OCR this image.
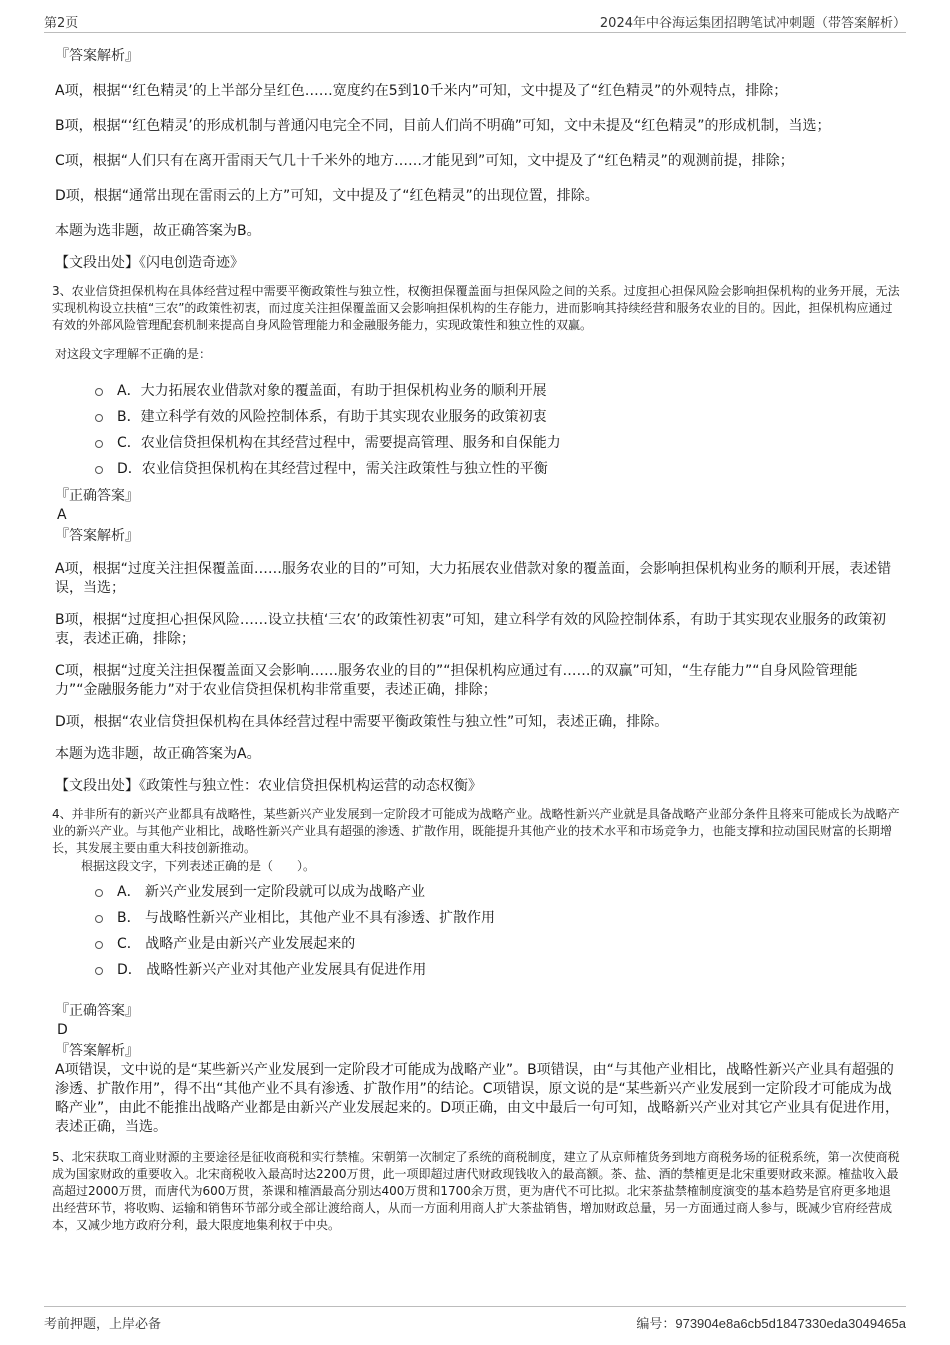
第2页	2024年中谷海运集团招聘笔试冲刺题（带答案解析）
『答案解析』

A项，根据“‘红色精灵’的上半部分呈红色……宽度约在5到10千米内”可知，文中提及了“红色精灵”的外观特点，排除；

B项，根据“‘红色精灵’的形成机制与普通闪电完全不同，目前人们尚不明确”可知，文中未提及“红色精灵”的形成机制，当选；

C项，根据“人们只有在离开雷雨天气几十千米外的地方……才能见到”可知，文中提及了“红色精灵”的观测前提，排除；

D项，根据“通常出现在雷雨云的上方”可知，文中提及了“红色精灵”的出现位置，排除。

本题为选非题，故正确答案为B。

【文段出处】《闪电创造奇迹》

3、农业信贷担保机构在具体经营过程中需要平衡政策性与独立性，权衡担保覆盖面与担保风险之间的关系。过度担心担保风险会影响担保机构的业务开展，无法实现机构设立扶植“三农”的政策性初衷，而过度关注担保覆盖面又会影响担保机构的生存能力，进而影响其持续经营和服务农业的目的。因此，担保机构应通过有效的外部风险管理配套机制来提高自身风险管理能力和金融服务能力，实现政策性和独立性的双赢。

对这段文字理解不正确的是：

A．大力拓展农业借款对象的覆盖面，有助于担保机构业务的顺利开展
B．建立科学有效的风险控制体系，有助于其实现农业服务的政策初衷
C．农业信贷担保机构在其经营过程中，需要提高管理、服务和自保能力
D．农业信贷担保机构在其经营过程中，需关注政策性与独立性的平衡
『正确答案』
A
『答案解析』

A项，根据“过度关注担保覆盖面……服务农业的目的”可知，大力拓展农业借款对象的覆盖面，会影响担保机构业务的顺利开展，表述错误，当选；

B项，根据“过度担心担保风险……设立扶植‘三农’的政策性初衷”可知，建立科学有效的风险控制体系，有助于其实现农业服务的政策初衷，表述正确，排除；

C项，根据“过度关注担保覆盖面又会影响……服务农业的目的”“担保机构应通过有……的双赢”可知，“生存能力”“自身风险管理能力”“金融服务能力”对于农业信贷担保机构非常重要，表述正确，排除；

D项，根据“农业信贷担保机构在具体经营过程中需要平衡政策性与独立性”可知，表述正确，排除。

本题为选非题，故正确答案为A。

【文段出处】《政策性与独立性：农业信贷担保机构运营的动态权衡》

4、并非所有的新兴产业都具有战略性，某些新兴产业发展到一定阶段才可能成为战略产业。战略性新兴产业就是具备战略产业部分条件且将来可能成长为战略产业的新兴产业。与其他产业相比，战略性新兴产业具有超强的渗透、扩散作用，既能提升其他产业的技术水平和市场竞争力，也能支撑和拉动国民财富的长期增长，其发展主要由重大科技创新推动。

根据这段文字，下列表述正确的是（　　）。

A． 新兴产业发展到一定阶段就可以成为战略产业
B． 与战略性新兴产业相比，其他产业不具有渗透、扩散作用
C． 战略产业是由新兴产业发展起来的
D． 战略性新兴产业对其他产业发展具有促进作用
『正确答案』
D
『答案解析』

A项错误，文中说的是“某些新兴产业发展到一定阶段才可能成为战略产业”。B项错误，由“与其他产业相比，战略性新兴产业具有超强的渗透、扩散作用”，得不出“其他产业不具有渗透、扩散作用”的结论。C项错误，原文说的是“某些新兴产业发展到一定阶段才可能成为战略产业”，由此不能推出战略产业都是由新兴产业发展起来的。D项正确，由文中最后一句可知，战略新兴产业对其它产业具有促进作用，表述正确，当选。

5、北宋获取工商业财源的主要途径是征收商税和实行禁榷。宋朝第一次制定了系统的商税制度，建立了从京师榷货务到地方商税务场的征税系统，第一次使商税成为国家财政的重要收入。北宋商税收入最高时达2200万贯，此一项即超过唐代财政现钱收入的最高额。茶、盐、酒的禁榷更是北宋重要财政来源。榷盐收入最高超过2000万贯，而唐代为600万贯，茶课和榷酒最高分别达400万贯和1700余万贯，更为唐代不可比拟。北宋茶盐禁榷制度演变的基本趋势是官府更多地退出经营环节，将收购、运输和销售环节部分或全部让渡给商人，从而一方面利用商人扩大茶盐销售，增加财政总量，另一方面通过商人参与，既减少官府经营成本，又减少地方政府分利，最大限度地集利权于中央。

考前押题，上岸必备	编号：973904e8a6cb5d1847330eda3049465a
